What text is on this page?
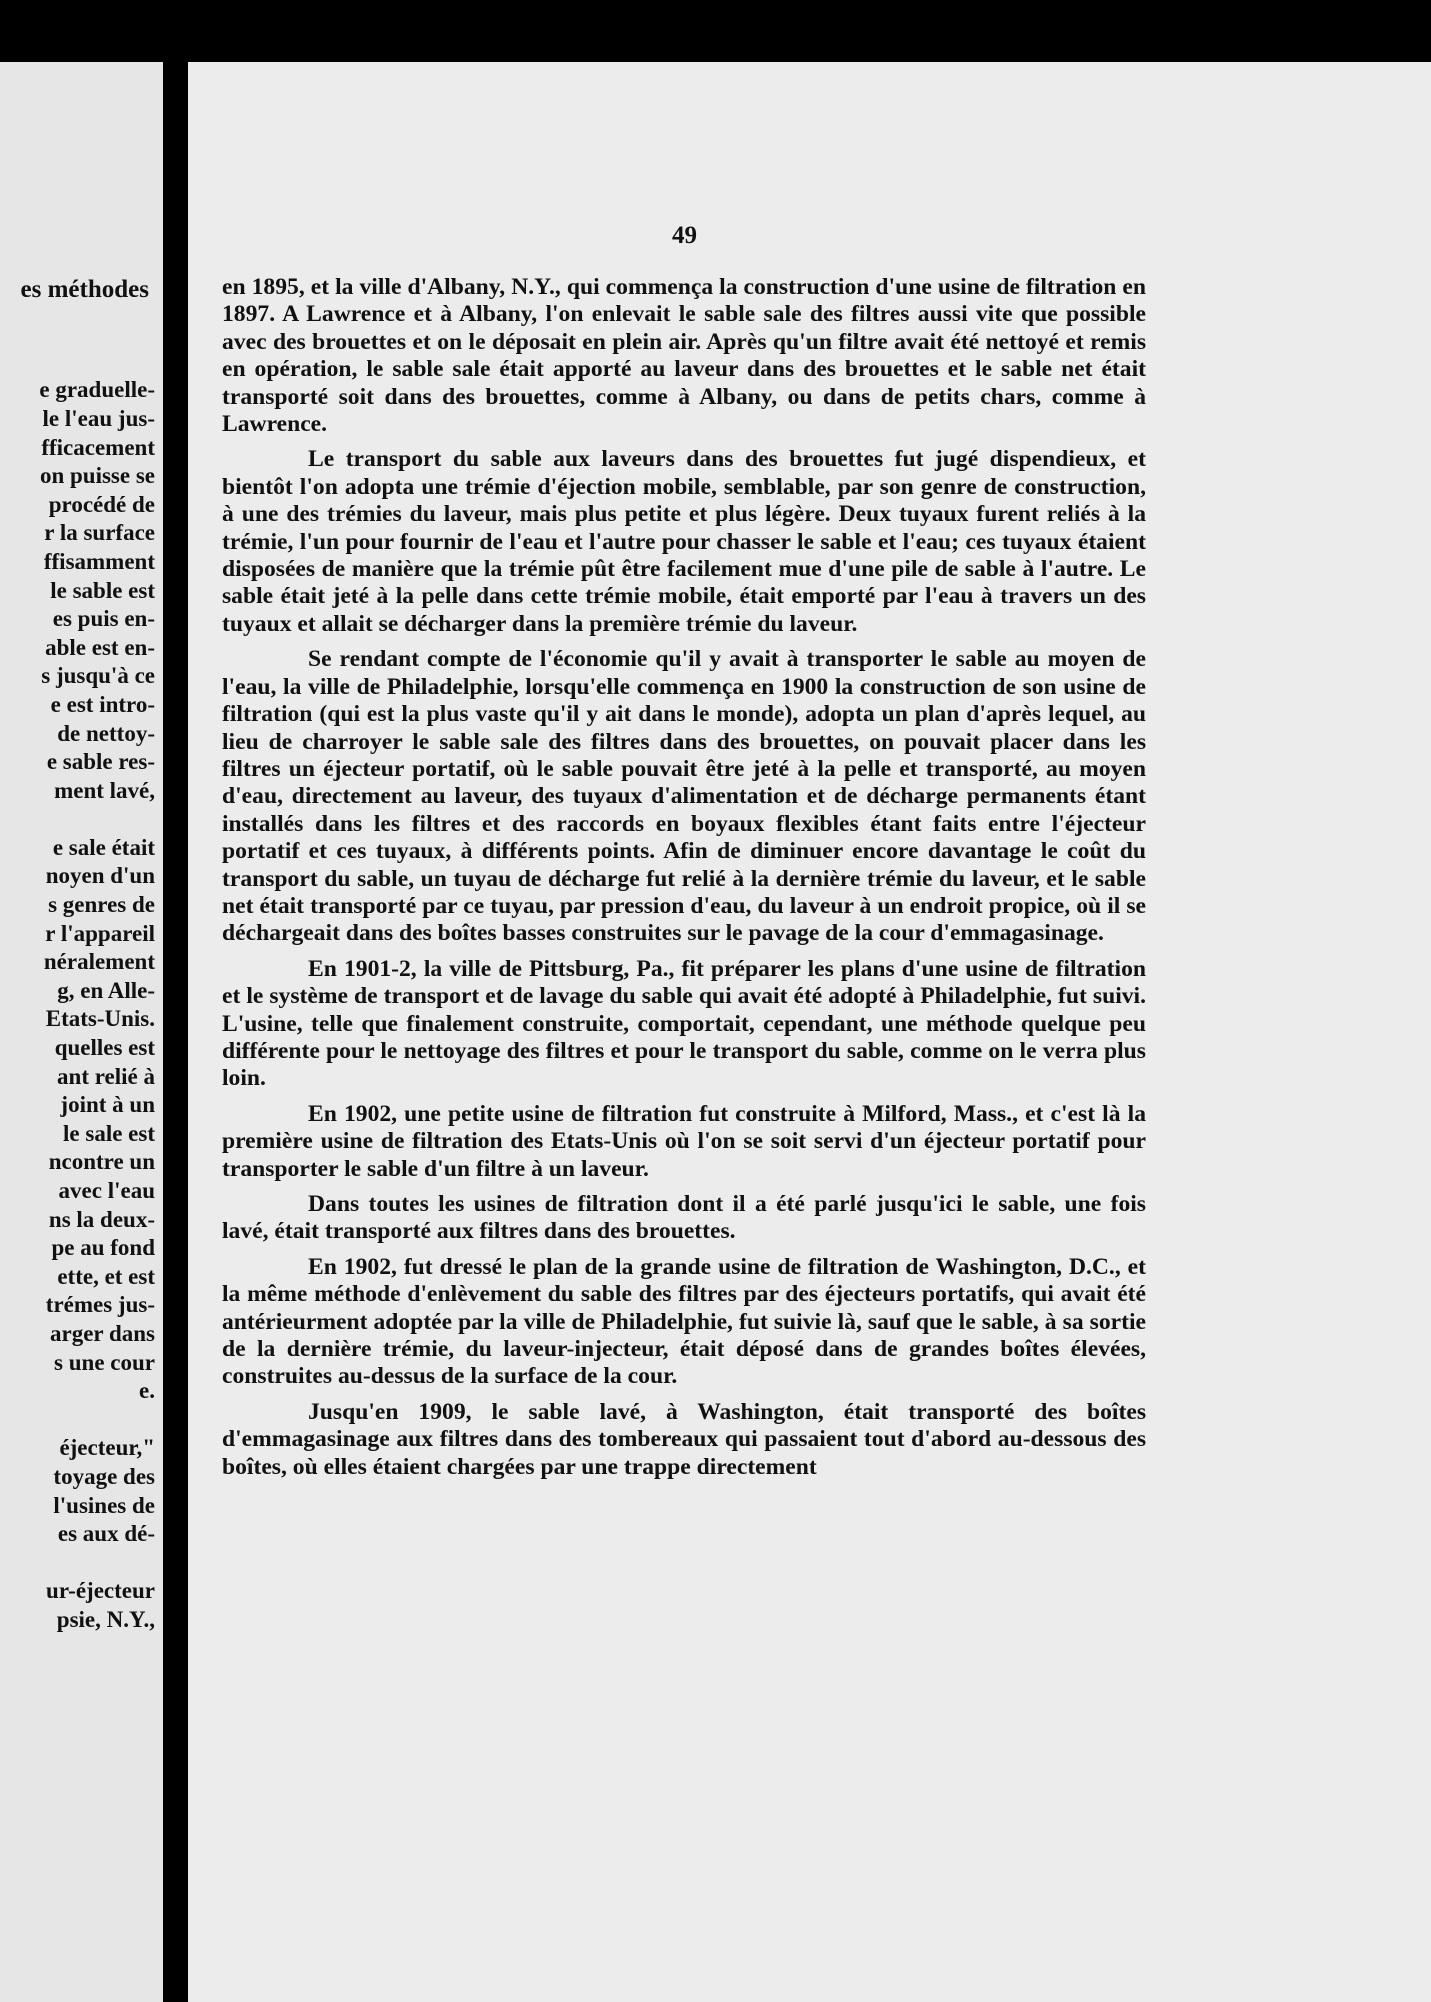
e graduelle-
le l'eau jus-
fficacement
on puisse se
procédé de
r la surface
ffisamment
le sable est
es puis en-
able est en-
s jusqu'à ce
e est intro-
de nettoy-
e sable res-
ment lavé,
e sale était
noyen d'un
s genres de
r l'appareil
néralement
g, en Alle-
Etats-Unis.
quelles est
ant relié à
joint à un
le sale est
ncontre un
avec l'eau
ns la deux-
pe au fond
ette, et est
trémes jus-
arger dans
s une cour
e.
éjecteur,"
toyage des
l'usines de
es aux dé-
ur-éjecteur
psie, N.Y.,
es méthodes
49

en 1895, et la ville d'Albany, N.Y., qui commença la construction d'une usine de filtration en 1897. A Lawrence et à Albany, l'on enlevait le sable sale des filtres aussi vite que possible avec des brouettes et on le déposait en plein air. Après qu'un filtre avait été nettoyé et remis en opération, le sable sale était apporté au laveur dans des brouettes et le sable net était transporté soit dans des brouettes, comme à Albany, ou dans de petits chars, comme à Lawrence.

Le transport du sable aux laveurs dans des brouettes fut jugé dispendieux, et bientôt l'on adopta une trémie d'éjection mobile, semblable, par son genre de construction, à une des trémies du laveur, mais plus petite et plus légère. Deux tuyaux furent reliés à la trémie, l'un pour fournir de l'eau et l'autre pour chasser le sable et l'eau; ces tuyaux étaient disposées de manière que la trémie pût être facilement mue d'une pile de sable à l'autre. Le sable était jeté à la pelle dans cette trémie mobile, était emporté par l'eau à travers un des tuyaux et allait se décharger dans la première trémie du laveur.

Se rendant compte de l'économie qu'il y avait à transporter le sable au moyen de l'eau, la ville de Philadelphie, lorsqu'elle commença en 1900 la construction de son usine de filtration (qui est la plus vaste qu'il y ait dans le monde), adopta un plan d'après lequel, au lieu de charroyer le sable sale des filtres dans des brouettes, on pouvait placer dans les filtres un éjecteur portatif, où le sable pouvait être jeté à la pelle et transporté, au moyen d'eau, directement au laveur, des tuyaux d'alimentation et de décharge permanents étant installés dans les filtres et des raccords en boyaux flexibles étant faits entre l'éjecteur portatif et ces tuyaux, à différents points. Afin de diminuer encore davantage le coût du transport du sable, un tuyau de décharge fut relié à la dernière trémie du laveur, et le sable net était transporté par ce tuyau, par pression d'eau, du laveur à un endroit propice, où il se déchargeait dans des boîtes basses construites sur le pavage de la cour d'emmagasinage.

En 1901-2, la ville de Pittsburg, Pa., fit préparer les plans d'une usine de filtration et le système de transport et de lavage du sable qui avait été adopté à Philadelphie, fut suivi. L'usine, telle que finalement construite, comportait, cependant, une méthode quelque peu différente pour le nettoyage des filtres et pour le transport du sable, comme on le verra plus loin.

En 1902, une petite usine de filtration fut construite à Milford, Mass., et c'est là la première usine de filtration des Etats-Unis où l'on se soit servi d'un éjecteur portatif pour transporter le sable d'un filtre à un laveur.

Dans toutes les usines de filtration dont il a été parlé jusqu'ici le sable, une fois lavé, était transporté aux filtres dans des brouettes.

En 1902, fut dressé le plan de la grande usine de filtration de Washington, D.C., et la même méthode d'enlèvement du sable des filtres par des éjecteurs portatifs, qui avait été antérieurment adoptée par la ville de Philadelphie, fut suivie là, sauf que le sable, à sa sortie de la dernière trémie, du laveur-injecteur, était déposé dans de grandes boîtes élevées, construites au-dessus de la surface de la cour.

Jusqu'en 1909, le sable lavé, à Washington, était transporté des boîtes d'emmagasinage aux filtres dans des tombereaux qui passaient tout d'abord au-dessous des boîtes, où elles étaient chargées par une trappe directement
